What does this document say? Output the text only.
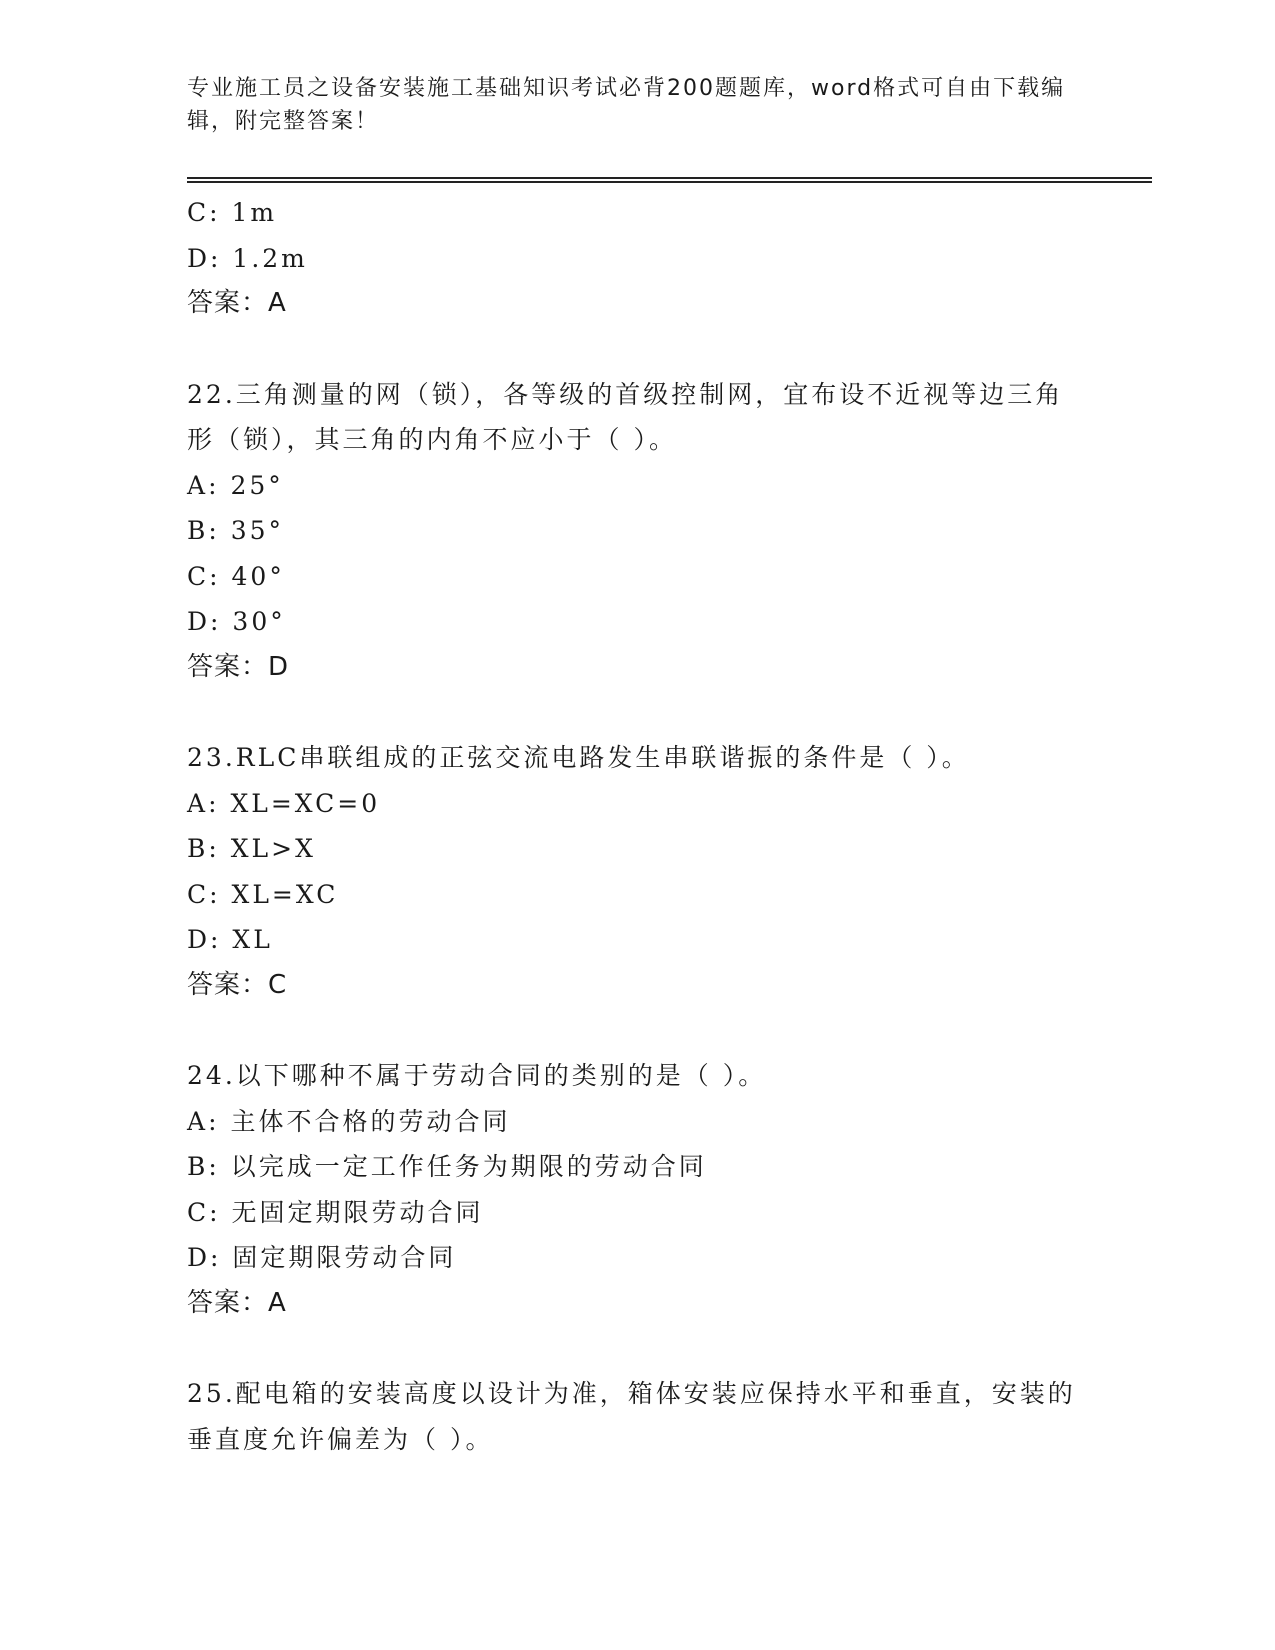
专业施工员之设备安装施工基础知识考试必背200题题库，word格式可自由下载编辑，附完整答案！
C: 1m
D: 1.2m
答案：A
22.三角测量的网（锁），各等级的首级控制网，宜布设不近视等边三角形（锁），其三角的内角不应小于（ ）。
A: 25°
B: 35°
C: 40°
D: 30°
答案：D
23.RLC串联组成的正弦交流电路发生串联谐振的条件是（ ）。
A: XL=XC=0
B: XL>X
C: XL=XC
D: XL
答案：C
24.以下哪种不属于劳动合同的类别的是（ ）。
A: 主体不合格的劳动合同
B: 以完成一定工作任务为期限的劳动合同
C: 无固定期限劳动合同
D: 固定期限劳动合同
答案：A
25.配电箱的安装高度以设计为准，箱体安装应保持水平和垂直，安装的垂直度允许偏差为（ ）。
